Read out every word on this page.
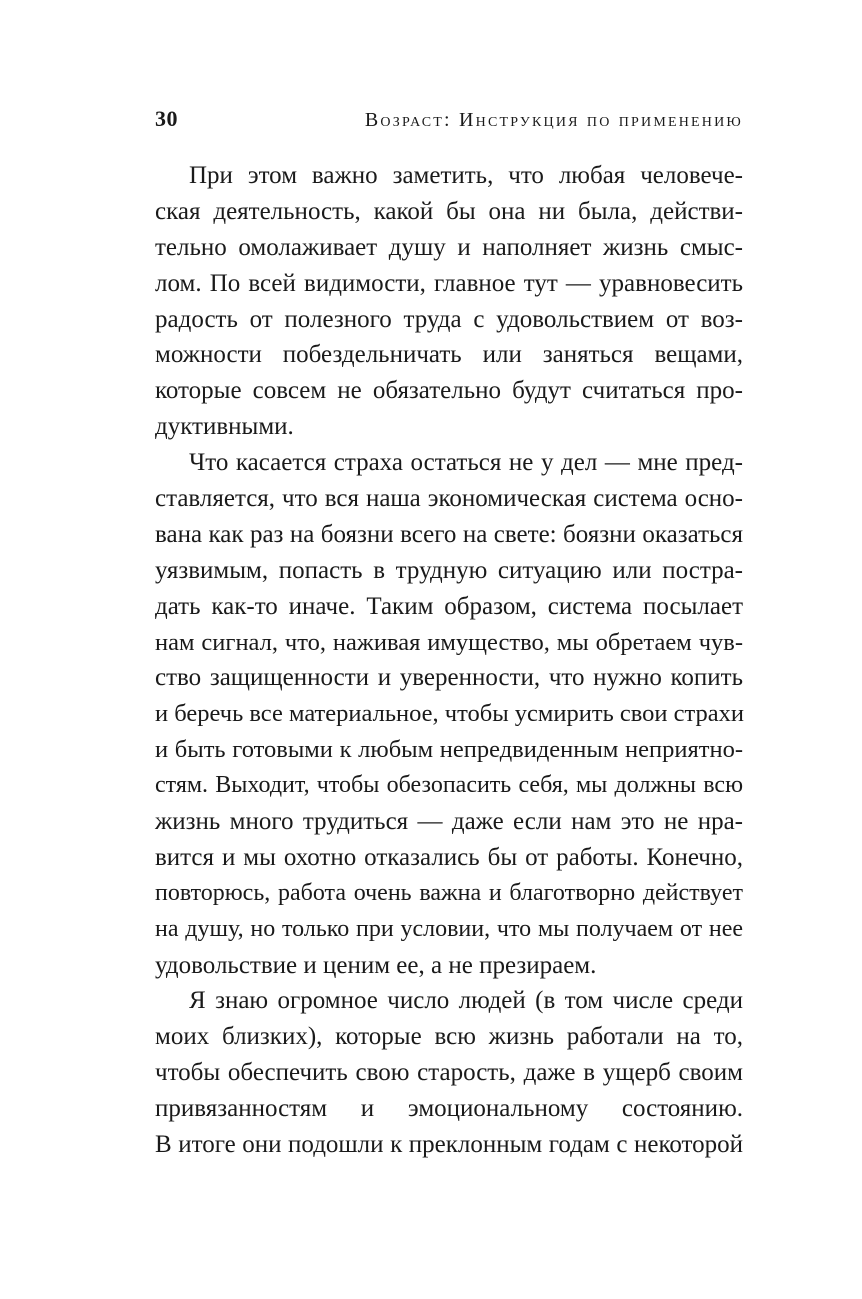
30	Возраст: Инструкция по применению
При этом важно заметить, что любая человече-
ская деятельность, какой бы она ни была, действи-
тельно омолаживает душу и наполняет жизнь смыс-
лом. По всей видимости, главное тут — уравновесить
радость от полезного труда с удовольствием от воз-
можности побездельничать или заняться вещами,
которые совсем не обязательно будут считаться про-
дуктивными.
Что касается страха остаться не у дел — мне пред-
ставляется, что вся наша экономическая система осно-
вана как раз на боязни всего на свете: боязни оказаться
уязвимым, попасть в трудную ситуацию или постра-
дать как-то иначе. Таким образом, система посылает
нам сигнал, что, наживая имущество, мы обретаем чув-
ство защищенности и уверенности, что нужно копить
и беречь все материальное, чтобы усмирить свои страхи
и быть готовыми к любым непредвиденным неприятно-
стям. Выходит, чтобы обезопасить себя, мы должны всю
жизнь много трудиться — даже если нам это не нра-
вится и мы охотно отказались бы от работы. Конечно,
повторюсь, работа очень важна и благотворно действует
на душу, но только при условии, что мы получаем от нее
удовольствие и ценим ее, а не презираем.
Я знаю огромное число людей (в том числе среди
моих близких), которые всю жизнь работали на то,
чтобы обеспечить свою старость, даже в ущерб своим
привязанностям и эмоциональному состоянию.
В итоге они подошли к преклонным годам с некоторой
